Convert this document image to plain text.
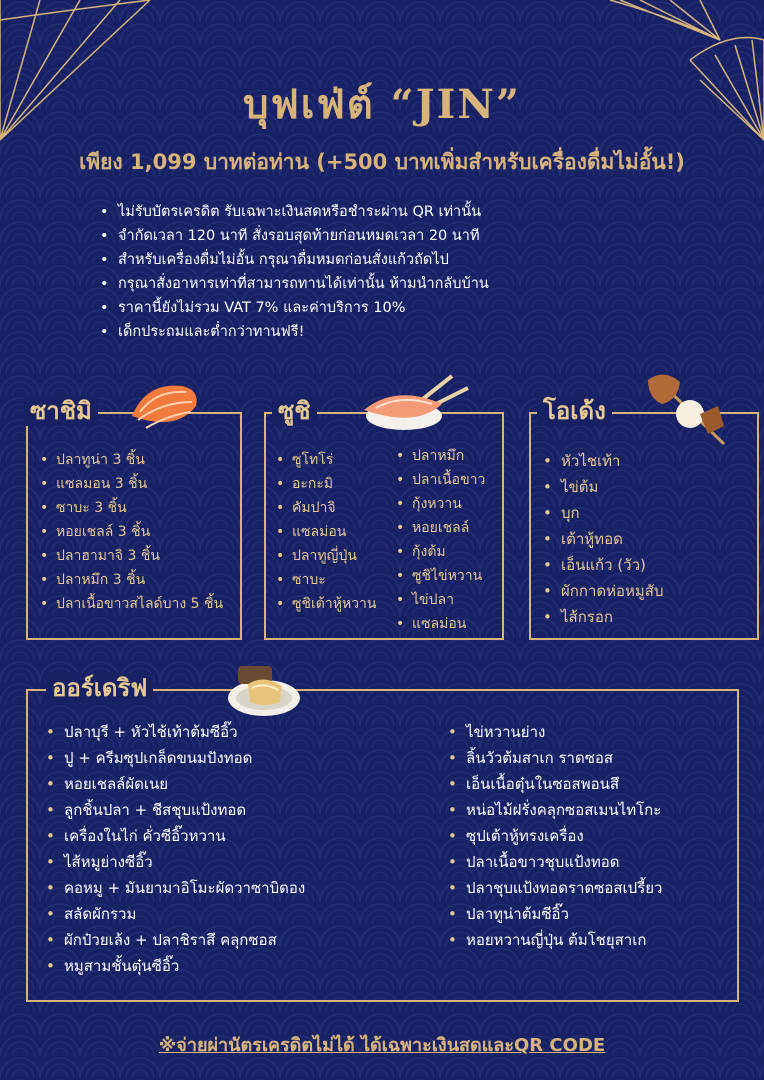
บุฟเฟ่ต์ “JIN”
เพียง 1,099 บาทต่อท่าน (+500 บาทเพิ่มสำหรับเครื่องดื่มไม่อั้น!)
• ไม่รับบัตรเครดิต รับเฉพาะเงินสดหรือชำระผ่าน QR เท่านั้น
• จำกัดเวลา 120 นาที สั่งรอบสุดท้ายก่อนหมดเวลา 20 นาที
• สำหรับเครื่องดื่มไม่อั้น กรุณาดื่มหมดก่อนสั่งแก้วถัดไป
• กรุณาสั่งอาหารเท่าที่สามารถทานได้เท่านั้น ห้ามนำกลับบ้าน
• ราคานี้ยังไม่รวม VAT 7% และค่าบริการ 10%
• เด็กประถมและต่ำกว่าทานฟรี!
ซาชิมิ
• ปลาทูน่า 3 ชิ้น
• แซลมอน 3 ชิ้น
• ซาบะ 3 ชิ้น
• หอยเชลล์ 3 ชิ้น
• ปลาฮามาจิ 3 ชิ้น
• ปลาหมึก 3 ชิ้น
• ปลาเนื้อขาวสไลด์บาง 5 ชิ้น
ซูชิ
• ซูโทโร่
• อะกะมิ
• คัมปาจิ
• แซลม่อน
• ปลาทูญี่ปุ่น
• ซาบะ
• ซูชิเต้าหู้หวาน
• ปลาหมึก
• ปลาเนื้อขาว
• กุ้งหวาน
• หอยเชลล์
• กุ้งต้ม
• ซูชิไข่หวาน
• ไข่ปลา
• แซลม่อน
โอเด้ง
• หัวไชเท้า
• ไข่ต้ม
• บุก
• เต้าหู้ทอด
• เอ็นแก้ว (วัว)
• ผักกาดห่อหมูสับ
• ไส้กรอก
ออร์เดริฟ
• ปลาบุรี + หัวไช้เท้าต้มซีอิ๊ว
• ปู + ครีมซุปเกล็ดขนมปังทอด
• หอยเชลล์ผัดเนย
• ลูกชิ้นปลา + ชีสชุบแป้งทอด
• เครื่องในไก่ คั่วซีอิ๊วหวาน
• ไส้หมูย่างซีอิ๊ว
• คอหมู + มันยามาอิโมะผัดวาซาบิดอง
• สลัดผักรวม
• ผักป๋วยเล้ง + ปลาชิราสึ คลุกซอส
• หมูสามชั้นตุ๋นซีอิ๊ว
• ไข่หวานย่าง
• ลิ้นวัวต้มสาเก ราดซอส
• เอ็นเนื้อตุ๋นในซอสพอนสึ
• หน่อไม้ฝรั่งคลุกซอสเมนไทโกะ
• ซุปเต้าหู้ทรงเครื่อง
• ปลาเนื้อขาวชุบแป้งทอด
• ปลาชุบแป้งทอดราดซอสเปรี้ยว
• ปลาทูน่าต้มซีอิ๊ว
• หอยหวานญี่ปุ่น ต้มโชยุสาเก
※จ่ายผ่านัตรเครดิตไม่ได้ ได้เฉพาะเงินสดและQR CODE
